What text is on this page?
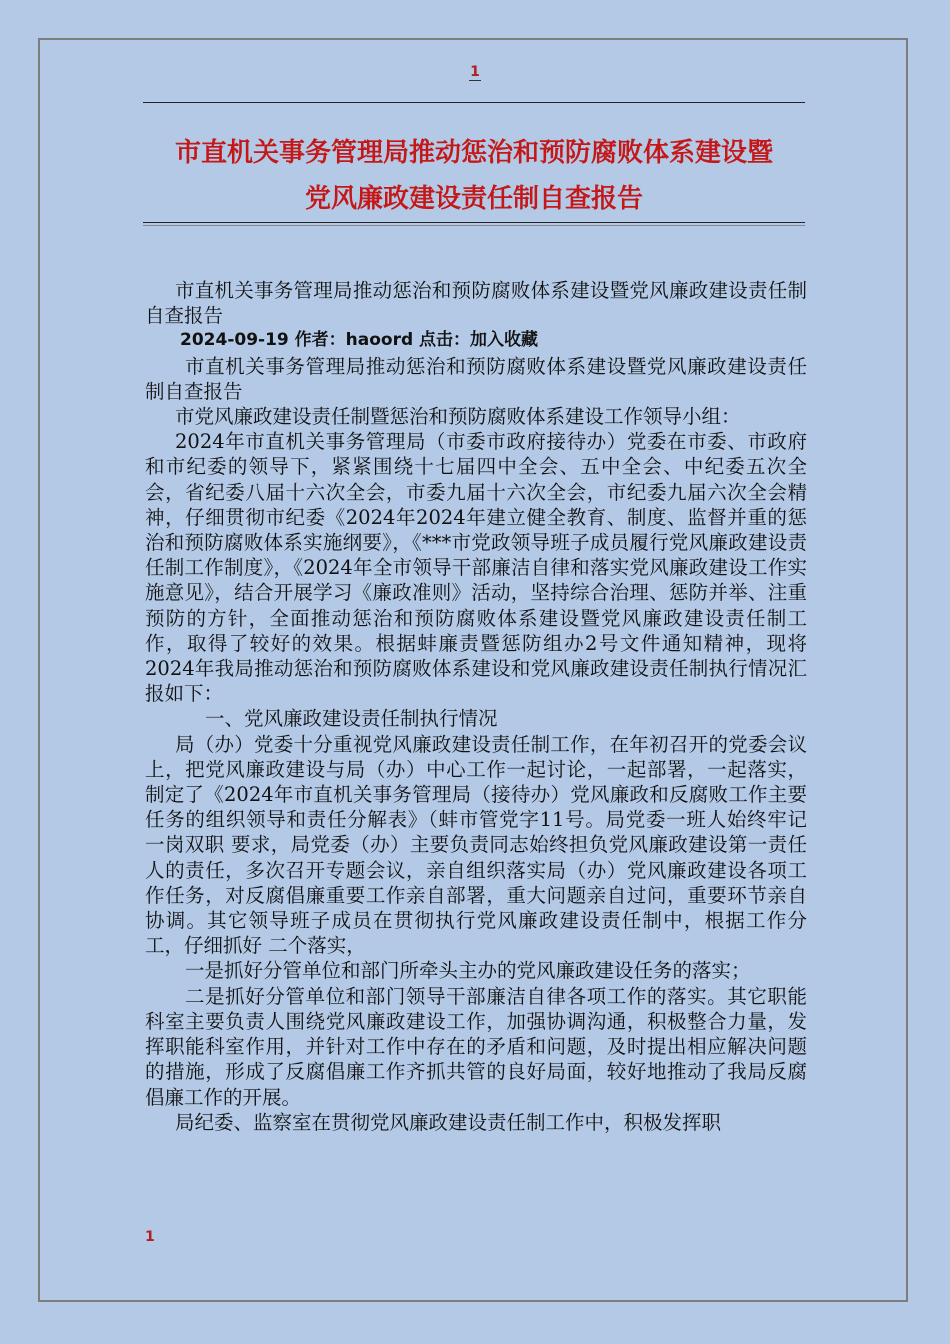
1
市直机关事务管理局推动惩治和预防腐败体系建设暨
党风廉政建设责任制自查报告

市直机关事务管理局推动惩治和预防腐败体系建设暨党风廉政建设责任制自查报告

2024-09-19 作者：haoord 点击：加入收藏

市直机关事务管理局推动惩治和预防腐败体系建设暨党风廉政建设责任制自查报告

市党风廉政建设责任制暨惩治和预防腐败体系建设工作领导小组：

2024年市直机关事务管理局（市委市政府接待办）党委在市委、市政府和市纪委的领导下，紧紧围绕十七届四中全会、五中全会、中纪委五次全会，省纪委八届十六次全会，市委九届十六次全会，市纪委九届六次全会精神，仔细贯彻市纪委《2024年2024年建立健全教育、制度、监督并重的惩治和预防腐败体系实施纲要》，《***市党政领导班子成员履行党风廉政建设责任制工作制度》，《2024年全市领导干部廉洁自律和落实党风廉政建设工作实施意见》，结合开展学习《廉政准则》活动，坚持综合治理、惩防并举、注重预防的方针，全面推动惩治和预防腐败体系建设暨党风廉政建设责任制工作，取得了较好的效果。根据蚌廉责暨惩防组办2号文件通知精神，现将2024年我局推动惩治和预防腐败体系建设和党风廉政建设责任制执行情况汇报如下：

一、党风廉政建设责任制执行情况

局（办）党委十分重视党风廉政建设责任制工作，在年初召开的党委会议上，把党风廉政建设与局（办）中心工作一起讨论，一起部署，一起落实，制定了《2024年市直机关事务管理局（接待办）党风廉政和反腐败工作主要任务的组织领导和责任分解表》（蚌市管党字11号。局党委一班人始终牢记 一岗双职 要求，局党委（办）主要负责同志始终担负党风廉政建设第一责任人的责任，多次召开专题会议，亲自组织落实局（办）党风廉政建设各项工作任务，对反腐倡廉重要工作亲自部署，重大问题亲自过问，重要环节亲自协调。其它领导班子成员在贯彻执行党风廉政建设责任制中，根据工作分工，仔细抓好 二个落实，

一是抓好分管单位和部门所牵头主办的党风廉政建设任务的落实；

二是抓好分管单位和部门领导干部廉洁自律各项工作的落实。其它职能科室主要负责人围绕党风廉政建设工作，加强协调沟通，积极整合力量，发挥职能科室作用，并针对工作中存在的矛盾和问题，及时提出相应解决问题的措施，形成了反腐倡廉工作齐抓共管的良好局面，较好地推动了我局反腐倡廉工作的开展。

局纪委、监察室在贯彻党风廉政建设责任制工作中，积极发挥职

1
